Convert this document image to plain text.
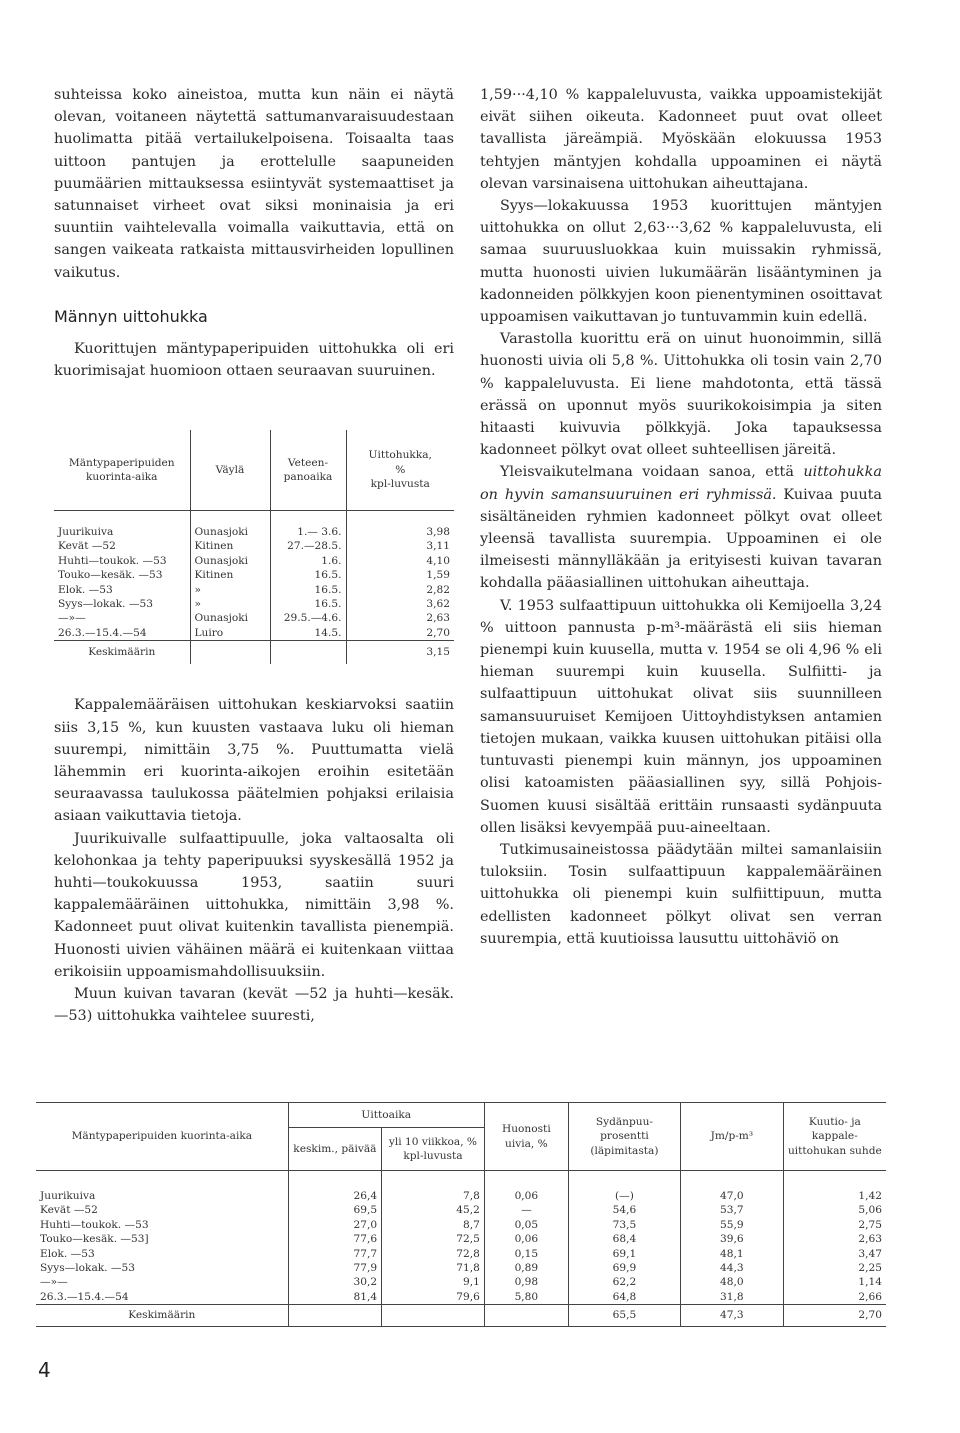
suhteissa koko aineistoa, mutta kun näin ei näytä olevan, voitaneen näytettä sattumanvaraisuudestaan huolimatta pitää vertailukelpoisena. Toisaalta taas uittoon pantujen ja erottelulle saapuneiden puumäärien mittauksessa esiintyvät systemaattiset ja satunnaiset virheet ovat siksi moninaisia ja eri suuntiin vaihtelevalla voimalla vaikuttavia, että on sangen vaikeata ratkaista mittausvirheiden lopullinen vaikutus.

Männyn uittohukka

Kuorittujen mäntypaperipuiden uittohukka oli eri kuorimisajat huomioon ottaen seuraavan suuruinen.

Kappalemääräisen uittohukan keskiarvoksi saatiin siis 3,15 %, kun kuusten vastaava luku oli hieman suurempi, nimittäin 3,75 %. Puuttumatta vielä lähemmin eri kuorinta-aikojen eroihin esitetään seuraavassa taulukossa päätelmien pohjaksi erilaisia asiaan vaikuttavia tietoja.

Juurikuivalle sulfaattipuulle, joka valtaosalta oli kelohonkaa ja tehty paperipuuksi syyskesällä 1952 ja huhti—toukokuussa 1953, saatiin suuri kappalemääräinen uittohukka, nimittäin 3,98 %. Kadonneet puut olivat kuitenkin tavallista pienempiä. Huonosti uivien vähäinen määrä ei kuitenkaan viittaa erikoisiin uppoamismahdollisuuksiin.

Muun kuivan tavaran (kevät —52 ja huhti—kesäk. —53) uittohukka vaihtelee suuresti,

1,59···4,10 % kappaleluvusta, vaikka uppoamistekijät eivät siihen oikeuta. Kadonneet puut ovat olleet tavallista järeämpiä. Myöskään elokuussa 1953 tehtyjen mäntyjen kohdalla uppoaminen ei näytä olevan varsinaisena uittohukan aiheuttajana.

Syys—lokakuussa 1953 kuorittujen mäntyjen uittohukka on ollut 2,63···3,62 % kappaleluvusta, eli samaa suuruusluokkaa kuin muissakin ryhmissä, mutta huonosti uivien lukumäärän lisääntyminen ja kadonneiden pölkkyjen koon pienentyminen osoittavat uppoamisen vaikuttavan jo tuntuvammin kuin edellä.

Varastolla kuorittu erä on uinut huonoimmin, sillä huonosti uivia oli 5,8 %. Uittohukka oli tosin vain 2,70 % kappaleluvusta. Ei liene mahdotonta, että tässä erässä on uponnut myös suurikokoisimpia ja siten hitaasti kuivuvia pölkkyjä. Joka tapauksessa kadonneet pölkyt ovat olleet suhteellisen järeitä.

Yleisvaikutelmana voidaan sanoa, että uittohukka on hyvin samansuuruinen eri ryhmissä. Kuivaa puuta sisältäneiden ryhmien kadonneet pölkyt ovat olleet yleensä tavallista suurempia. Uppoaminen ei ole ilmeisesti männylläkään ja erityisesti kuivan tavaran kohdalla pääasiallinen uittohukan aiheuttaja.

V. 1953 sulfaattipuun uittohukka oli Kemijoella 3,24 % uittoon pannusta p-m³-määrästä eli siis hieman pienempi kuin kuusella, mutta v. 1954 se oli 4,96 % eli hieman suurempi kuin kuusella. Sulfiitti- ja sulfaattipuun uittohukat olivat siis suunnilleen samansuuruiset Kemijoen Uittoyhdistyksen antamien tietojen mukaan, vaikka kuusen uittohukan pitäisi olla tuntuvasti pienempi kuin männyn, jos uppoaminen olisi katoamisten pääasiallinen syy, sillä Pohjois-Suomen kuusi sisältää erittäin runsaasti sydänpuuta ollen lisäksi kevyempää puu-aineeltaan.

Tutkimusaineistossa päädytään miltei samanlaisiin tuloksiin. Tosin sulfaattipuun kappalemääräinen uittohukka oli pienempi kuin sulfiittipuun, mutta edellisten kadonneet pölkyt olivat sen verran suurempia, että kuutioissa lausuttu uittohäviö on

Mäntypaperipuiden kuorinta-aika	Väylä	Veteen-panoaika	Uittohukka,
%
kpl-luvusta

Juurikuiva	Ounasjoki	1.— 3.6.	3,98
Kevät —52	Kitinen	27.—28.5.	3,11
Huhti—toukok. —53	Ounasjoki	1.6.	4,10
Touko—kesäk. —53	Kitinen	16.5.	1,59
Elok. —53	»	16.5.	2,82
Syys—lokak. —53	»	16.5.	3,62
—»—	Ounasjoki	29.5.—4.6.	2,63
26.3.—15.4.—54	Luiro	14.5.	2,70
Keskimäärin			3,15
Mäntypaperipuiden kuorinta-aika	Uittoaika		Huonosti uivia, %	Sydänpuu-prosentti (läpimitasta)	Jm/p-m³	Kuutio- ja kappale-uittohukan suhde
	keskim., päivää	yli 10 viikkoa, % kpl-luvusta				
Juurikuiva	26,4	7,8	0,06	(—)	47,0	1,42
Kevät —52	69,5	45,2	—	54,6	53,7	5,06
Huhti—toukok. —53	27,0	8,7	0,05	73,5	55,9	2,75
Touko—kesäk. —53]	77,6	72,5	0,06	68,4	39,6	2,63
Elok. —53	77,7	72,8	0,15	69,1	48,1	3,47
Syys—lokak. —53	77,9	71,8	0,89	69,9	44,3	2,25
—»—	30,2	9,1	0,98	62,2	48,0	1,14
26.3.—15.4.—54	81,4	79,6	5,80	64,8	31,8	2,66
Keskimäärin				65,5	47,3	2,70
4
